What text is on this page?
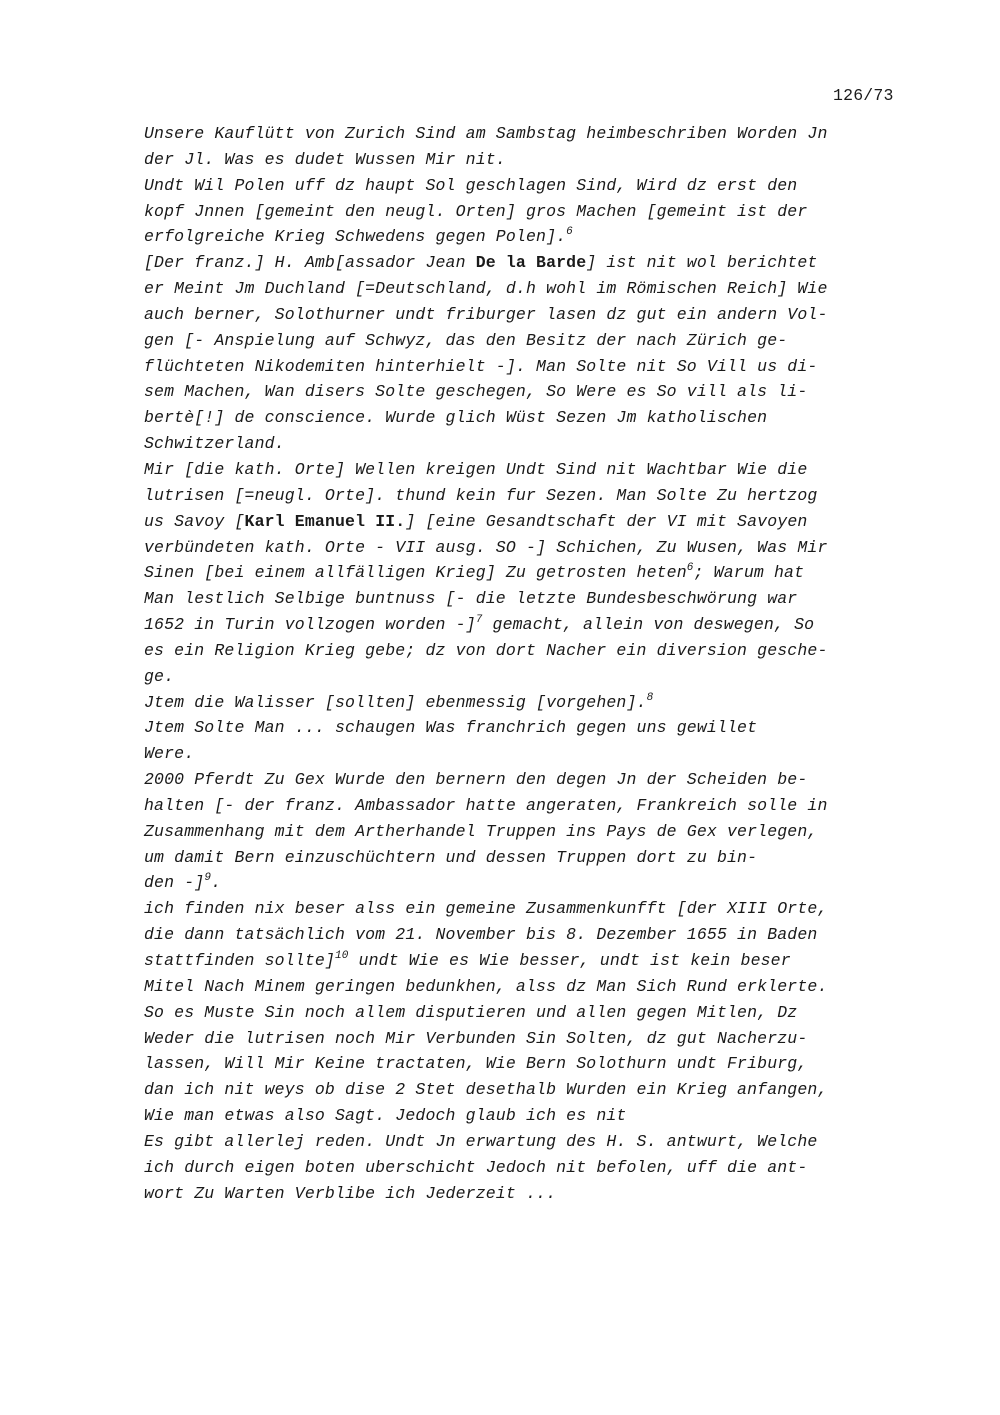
126/73
Unsere Kauflütt von Zurich Sind am Sambstag heimbeschriben Worden Jn
der Jl. Was es dudet Wussen Mir nit.
Undt Wil Polen uff dz haupt Sol geschlagen Sind, Wird dz erst den
kopf Jnnen [gemeint den neugl. Orten] gros Machen [gemeint ist der
erfolgreiche Krieg Schwedens gegen Polen].$^6$
[Der franz.] H. Amb[assador Jean De la Barde] ist nit wol berichtet
er Meint Jm Duchland [=Deutschland, d.h wohl im Römischen Reich] Wie
auch berner, Solothurner undt friburger lasen dz gut ein andern Vol-
gen [- Anspielung auf Schwyz, das den Besitz der nach Zürich ge-
flüchteten Nikodemiten hinterhielt -]. Man Solte nit So Vill us di-
sem Machen, Wan disers Solte geschegen, So Were es So vill als li-
bertè[!] de conscience. Wurde glich Wüst Sezen Jm katholischen
Schwitzerland.
Mir [die kath. Orte] Wellen kreigen Undt Sind nit Wachtbar Wie die
lutrisen [=neugl. Orte]. thund kein fur Sezen. Man Solte Zu hertzog
us Savoy [Karl Emanuel II.] [eine Gesandtschaft der VI mit Savoyen
verbündeten kath. Orte - VII ausg. SO -] Schichen, Zu Wusen, Was Mir
Sinen [bei einem allfälligen Krieg] Zu getrosten heten$^6$; Warum hat
Man lestlich Selbige buntnuss [- die letzte Bundesbeschwörung war
1652 in Turin vollzogen worden -]$^7$ gemacht, allein von deswegen, So
es ein Religion Krieg gebe; dz von dort Nacher ein diversion gesche-
ge.
Jtem die Walisser [sollten] ebenmessig [vorgehen].$^8$
Jtem Solte Man ... schaugen Was franchrich gegen uns gewillet
Were.
2000 Pferdt Zu Gex Wurde den bernern den degen Jn der Scheiden be-
halten [- der franz. Ambassador hatte angeraten, Frankreich solle in
Zusammenhang mit dem Artherhandel Truppen ins Pays de Gex verlegen,
um damit Bern einzuschüchtern und dessen Truppen dort zu bin-
den -]$^9$.
ich finden nix beser alss ein gemeine Zusammenkunfft [der XIII Orte,
die dann tatsächlich vom 21. November bis 8. Dezember 1655 in Baden
stattfinden sollte]$^{10}$ undt Wie es Wie besser, undt ist kein beser
Mitel Nach Minem geringen bedunkhen, alss dz Man Sich Rund erklerte.
So es Muste Sin noch allem disputieren und allen gegen Mitlen, Dz
Weder die lutrisen noch Mir Verbunden Sin Solten, dz gut Nacherzu-
lassen, Will Mir Keine tractaten, Wie Bern Solothurn undt Friburg,
dan ich nit weys ob dise 2 Stet desethalb Wurden ein Krieg anfangen,
Wie man etwas also Sagt. Jedoch glaub ich es nit
Es gibt allerlej reden. Undt Jn erwartung des H. S. antwurt, Welche
ich durch eigen boten uberschicht Jedoch nit befolen, uff die ant-
wort Zu Warten Verblibe ich Jederzeit ...
